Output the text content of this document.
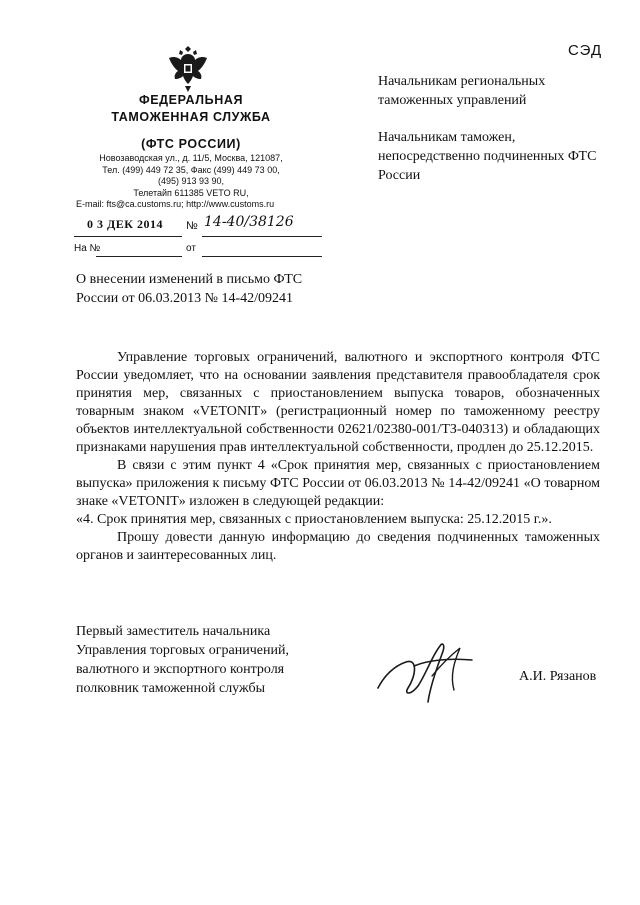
СЭД
ФЕДЕРАЛЬНАЯ
ТАМОЖЕННАЯ СЛУЖБА
(ФТС РОССИИ)
Новозаводская ул., д. 11/5, Москва, 121087,
Тел. (499) 449 72 35, Факс (499) 449 73 00,
(495) 913 93 90,
Телетайп 611385 VETO RU,
E-mail: fts@ca.customs.ru; http://www.customs.ru
0 3 ДЕК 2014 № 14-40/38126
На №	от
Начальникам региональных таможенных управлений
Начальникам таможен, непосредственно подчиненных ФТС России
О внесении изменений в письмо ФТС России от 06.03.2013 № 14-42/09241

Управление торговых ограничений, валютного и экспортного контроля ФТС России уведомляет, что на основании заявления представителя правообладателя срок принятия мер, связанных с приостановлением выпуска товаров, обозначенных товарным знаком «VETONIT» (регистрационный номер по таможенному реестру объектов интеллектуальной собственности 02621/02380-001/ТЗ-040313) и обладающих признаками нарушения прав интеллектуальной собственности, продлен до 25.12.2015.

В связи с этим пункт 4 «Срок принятия мер, связанных с приостановлением выпуска» приложения к письму ФТС России от 06.03.2013 № 14-42/09241 «О товарном знаке «VETONIT» изложен в следующей редакции:

«4. Срок принятия мер, связанных с приостановлением выпуска: 25.12.2015 г.».

Прошу довести данную информацию до сведения подчиненных таможенных органов и заинтересованных лиц.

Первый заместитель начальника
Управления торговых ограничений,
валютного и экспортного контроля
полковник таможенной службы
А.И. Рязанов
